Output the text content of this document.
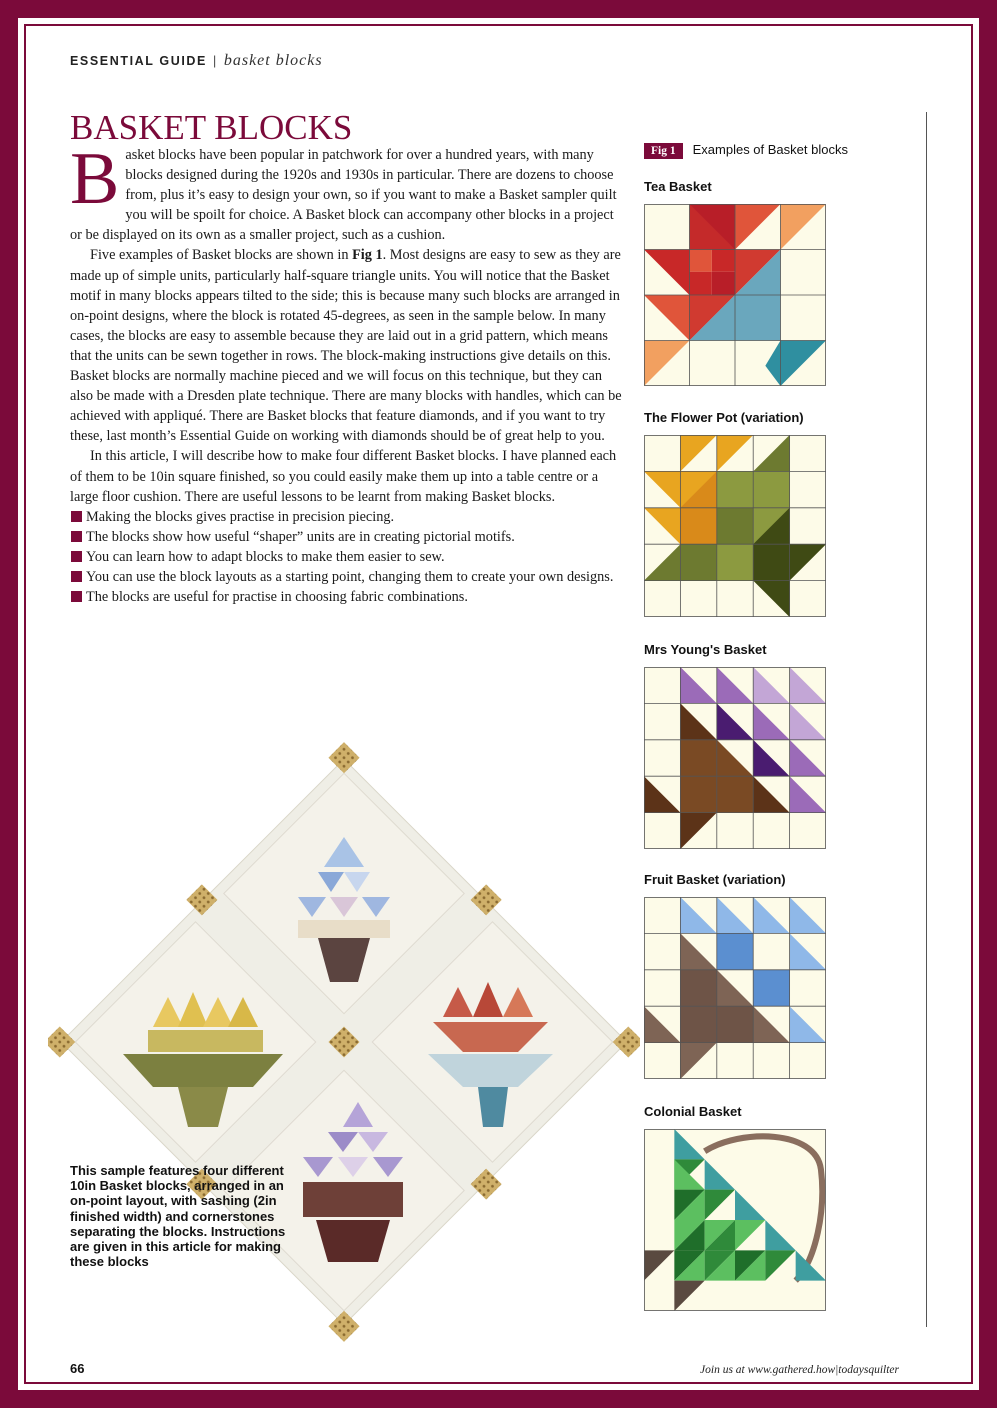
ESSENTIAL GUIDE | basket blocks
BASKET BLOCKS

Basket blocks have been popular in patchwork for over a hundred years, with many blocks designed during the 1920s and 1930s in particular. There are dozens to choose from, plus it’s easy to design your own, so if you want to make a Basket sampler quilt you will be spoilt for choice. A Basket block can accompany other blocks in a project or be displayed on its own as a smaller project, such as a cushion.

Five examples of Basket blocks are shown in Fig 1. Most designs are easy to sew as they are made up of simple units, particularly half-square triangle units. You will notice that the Basket motif in many blocks appears tilted to the side; this is because many such blocks are arranged in on-point designs, where the block is rotated 45-degrees, as seen in the sample below. In many cases, the blocks are easy to assemble because they are laid out in a grid pattern, which means that the units can be sewn together in rows. The block-making instructions give details on this. Basket blocks are normally machine pieced and we will focus on this technique, but they can also be made with a Dresden plate technique. There are many blocks with handles, which can be achieved with appliqué. There are Basket blocks that feature diamonds, and if you want to try these, last month’s Essential Guide on working with diamonds should be of great help to you.

In this article, I will describe how to make four different Basket blocks. I have planned each of them to be 10in square finished, so you could easily make them up into a table centre or a large floor cushion. There are useful lessons to be learnt from making Basket blocks.

Making the blocks gives practise in precision piecing.
The blocks show how useful “shaper” units are in creating pictorial motifs.
You can learn how to adapt blocks to make them easier to sew.
You can use the block layouts as a starting point, changing them to create your own designs.
The blocks are useful for practise in choosing fabric combinations.
This sample features four different 10in Basket blocks, arranged in an on-point layout, with sashing (2in finished width) and cornerstones separating the blocks. Instructions are given in this article for making these blocks
Fig 1 Examples of Basket blocks
Tea Basket
The Flower Pot (variation)
Mrs Young's Basket
Fruit Basket (variation)
Colonial Basket
66	Join us at www.gathered.how|todaysquilter
